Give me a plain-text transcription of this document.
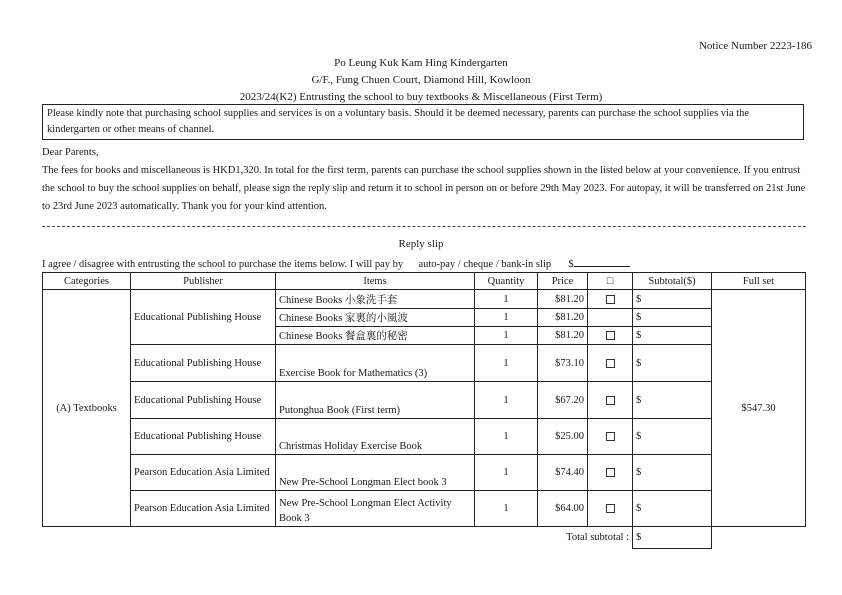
Notice Number 2223-186
Po Leung Kuk Kam Hing Kindergarten
G/F., Fung Chuen Court, Diamond Hill, Kowloon
2023/24(K2) Entrusting the school to buy textbooks & Miscellaneous (First Term)
Please kindly note that purchasing school supplies and services is on a voluntary basis. Should it be deemed necessary, parents can purchase the school supplies via the kindergarten or other means of channel.
Dear Parents,
The fees for books and miscellaneous is HKD1,320. In total for the first term, parents can purchase the school supplies shown in the listed below at your convenience. If you entrust the school to buy the school supplies on behalf, please sign the reply slip and return it to school in person on or before 29th May 2023. For autopay, it will be transferred on 21st June to 23rd June 2023 automatically. Thank you for your kind attention.
Reply slip
I agree / disagree with entrusting the school to purchase the items below. I will pay by auto-pay / cheque / bank-in slip $
Categories	Publisher	Items	Quantity	Price	□	Subtotal($)	Full set
(A) Textbooks	Educational Publishing House	Chinese Books 小象洗手套	1	$81.20		$	$547.30
		Chinese Books 家裏的小風波	1	$81.20		$	
		Chinese Books 餐盒裏的秘密	1	$81.20		$	
	Educational Publishing House	Exercise Book for Mathematics (3)	1	$73.10		$	
	Educational Publishing House	Putonghua Book (First term)	1	$67.20		$	
	Educational Publishing House	Christmas Holiday Exercise Book	1	$25.00		$	
	Pearson Education Asia Limited	New Pre-School Longman Elect book 3	1	$74.40		$	
	Pearson Education Asia Limited	New Pre-School Longman Elect Activity Book 3	1	$64.00		$	
	Total subtotal :					$	
